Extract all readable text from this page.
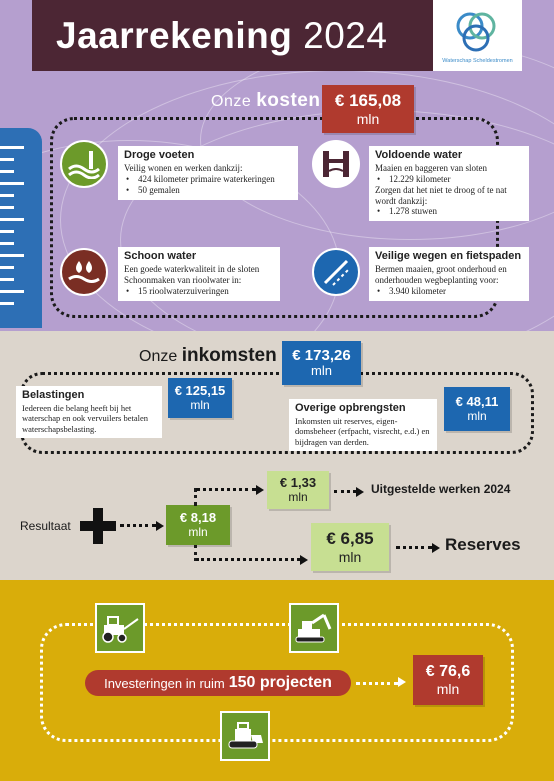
Jaarrekening 2024
Waterschap Scheldestromen
Onze kosten € 165,08
mln
Droge voeten
Veilig wonen en werken dankzij:
• 424 kilometer primaire waterkeringen
• 50 gemalen
Voldoende water
Maaien en baggeren van sloten
• 12.229 kilometer
Zorgen dat het niet te droog of te nat wordt dankzij:
• 1.278 stuwen
Schoon water
Een goede waterkwaliteit in de sloten
Schoonmaken van rioolwater in:
• 15 rioolwaterzuiveringen
Veilige wegen en fietspaden
Bermen maaien, groot onderhoud en onderhouden wegbeplanting voor:
• 3.940 kilometer
Onze inkomsten € 173,26
mln
Belastingen
Iedereen die belang heeft bij het waterschap en ook vervuilers betalen waterschapsbelasting.
€ 125,15
mln	Overige opbrengsten
Inkomsten uit reserves, eigen-domsbeheer (erfpacht, visrecht, e.d.) en bijdragen van derden.
€ 48,11
mln
Resultaat
€ 8,18
mln
€ 1,33
mln
Uitgestelde werken 2024
€ 6,85
mln
Reserves
Investeringen in ruim 150 projecten
€ 76,6
mln
